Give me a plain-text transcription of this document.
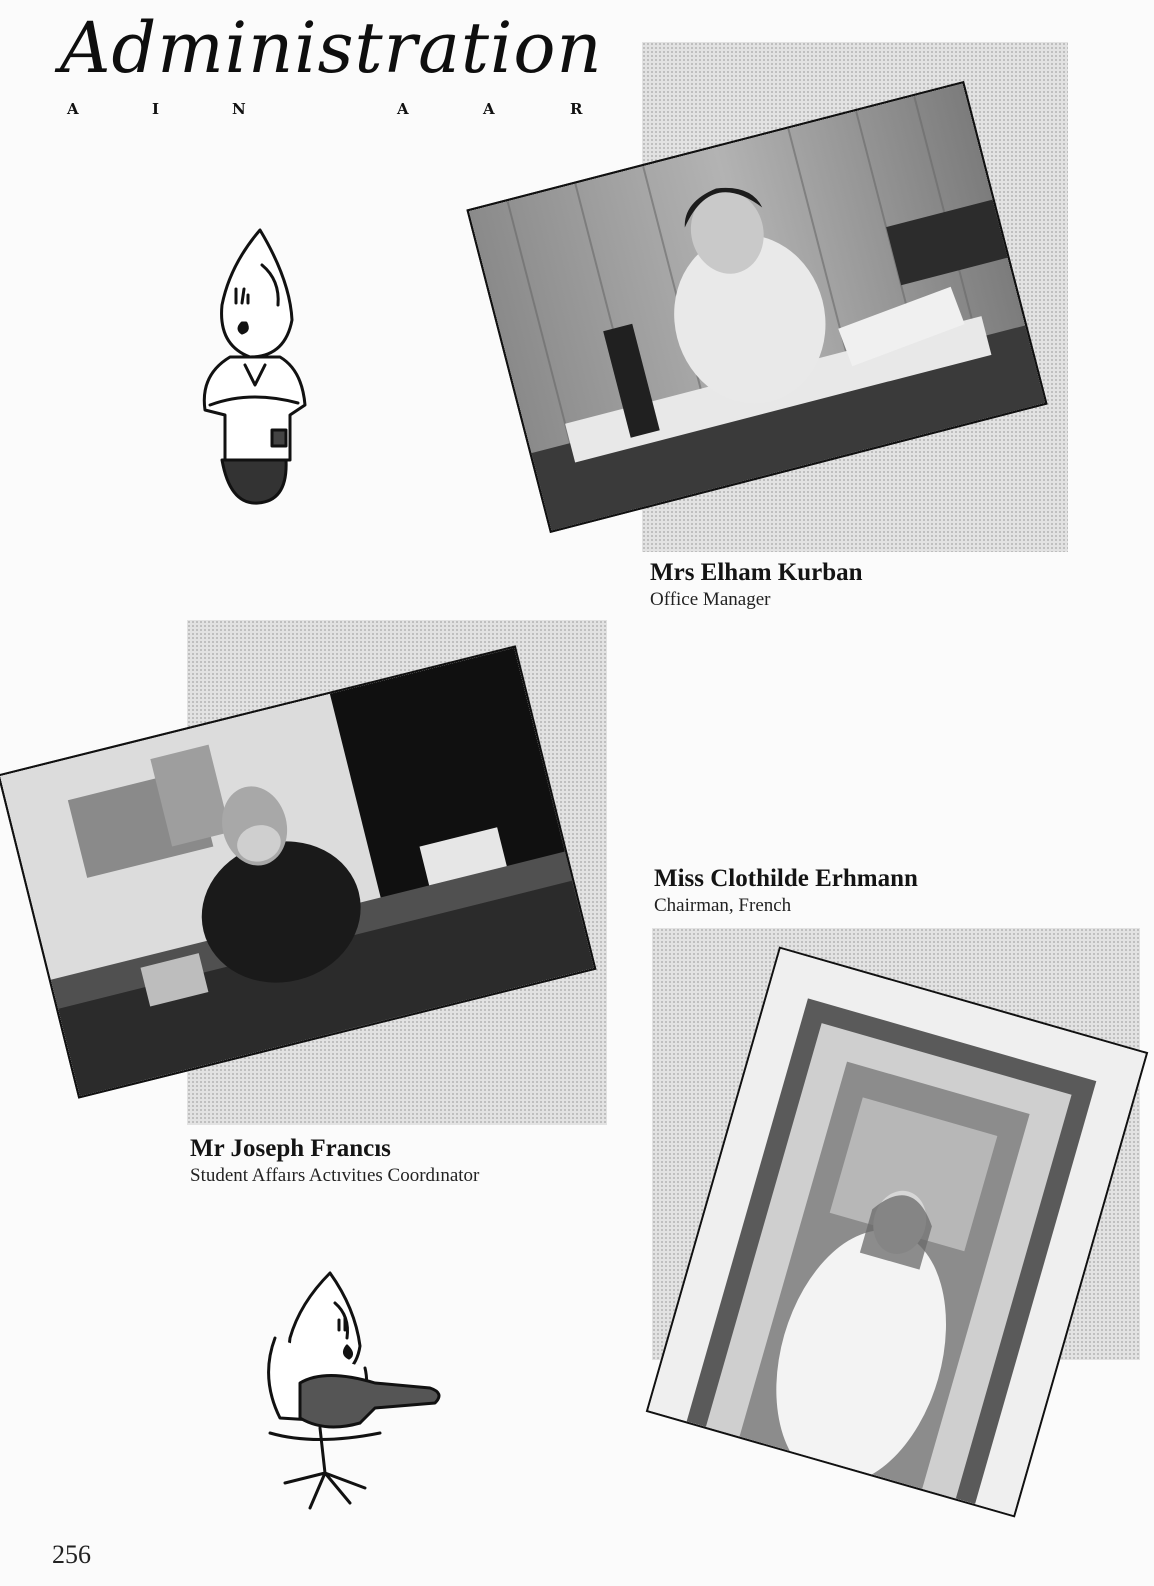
Administration
A	I	N	A	A	R
Mrs Elham Kurban
Office Manager
Mr Joseph Francıs
Student Affaırs Actıvitıes Coordınator
Miss Clothilde Erhmann
Chairman, French
256
